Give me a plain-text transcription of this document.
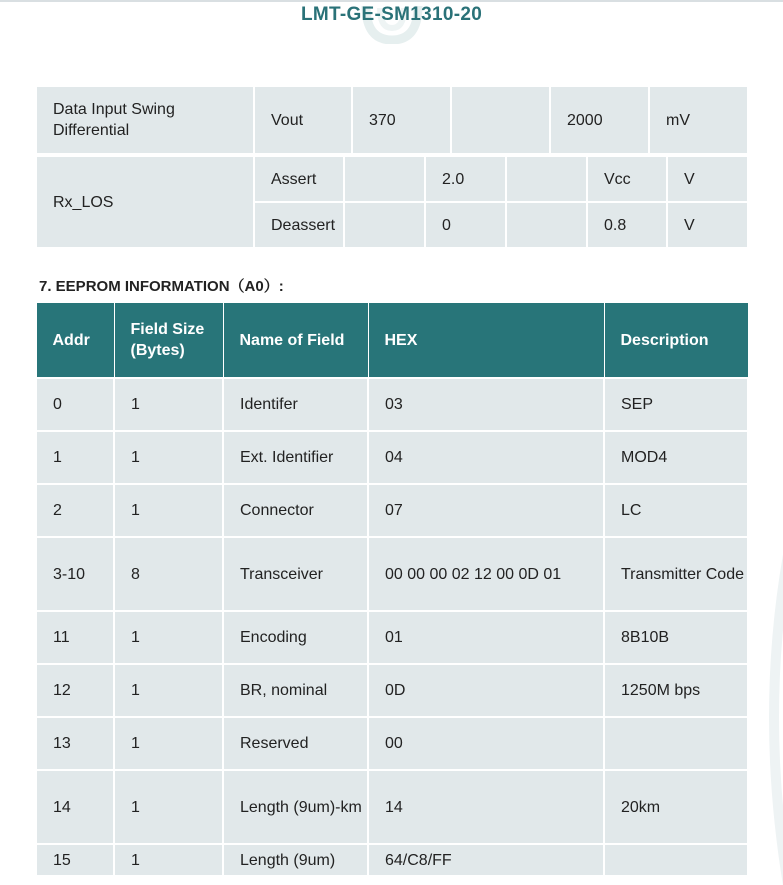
LMT-GE-SM1310-20
Data Input Swing Differential	Vout	370		2000	mV
Rx_LOS	Assert		2.0		Vcc	V
	Deassert		0		0.8	V
7. EEPROM INFORMATION（A0）:
Addr	Field Size (Bytes)	Name of Field	HEX	Description
0	1	Identifer	03	SEP
1	1	Ext. Identifier	04	MOD4
2	1	Connector	07	LC
3-10	8	Transceiver	00 00 00 02 12 00 0D 01	Transmitter Code
11	1	Encoding	01	8B10B
12	1	BR, nominal	0D	1250M bps
13	1	Reserved	00	
14	1	Length (9um)-km	14	20km
15	1	Length (9um)	64/C8/FF	
